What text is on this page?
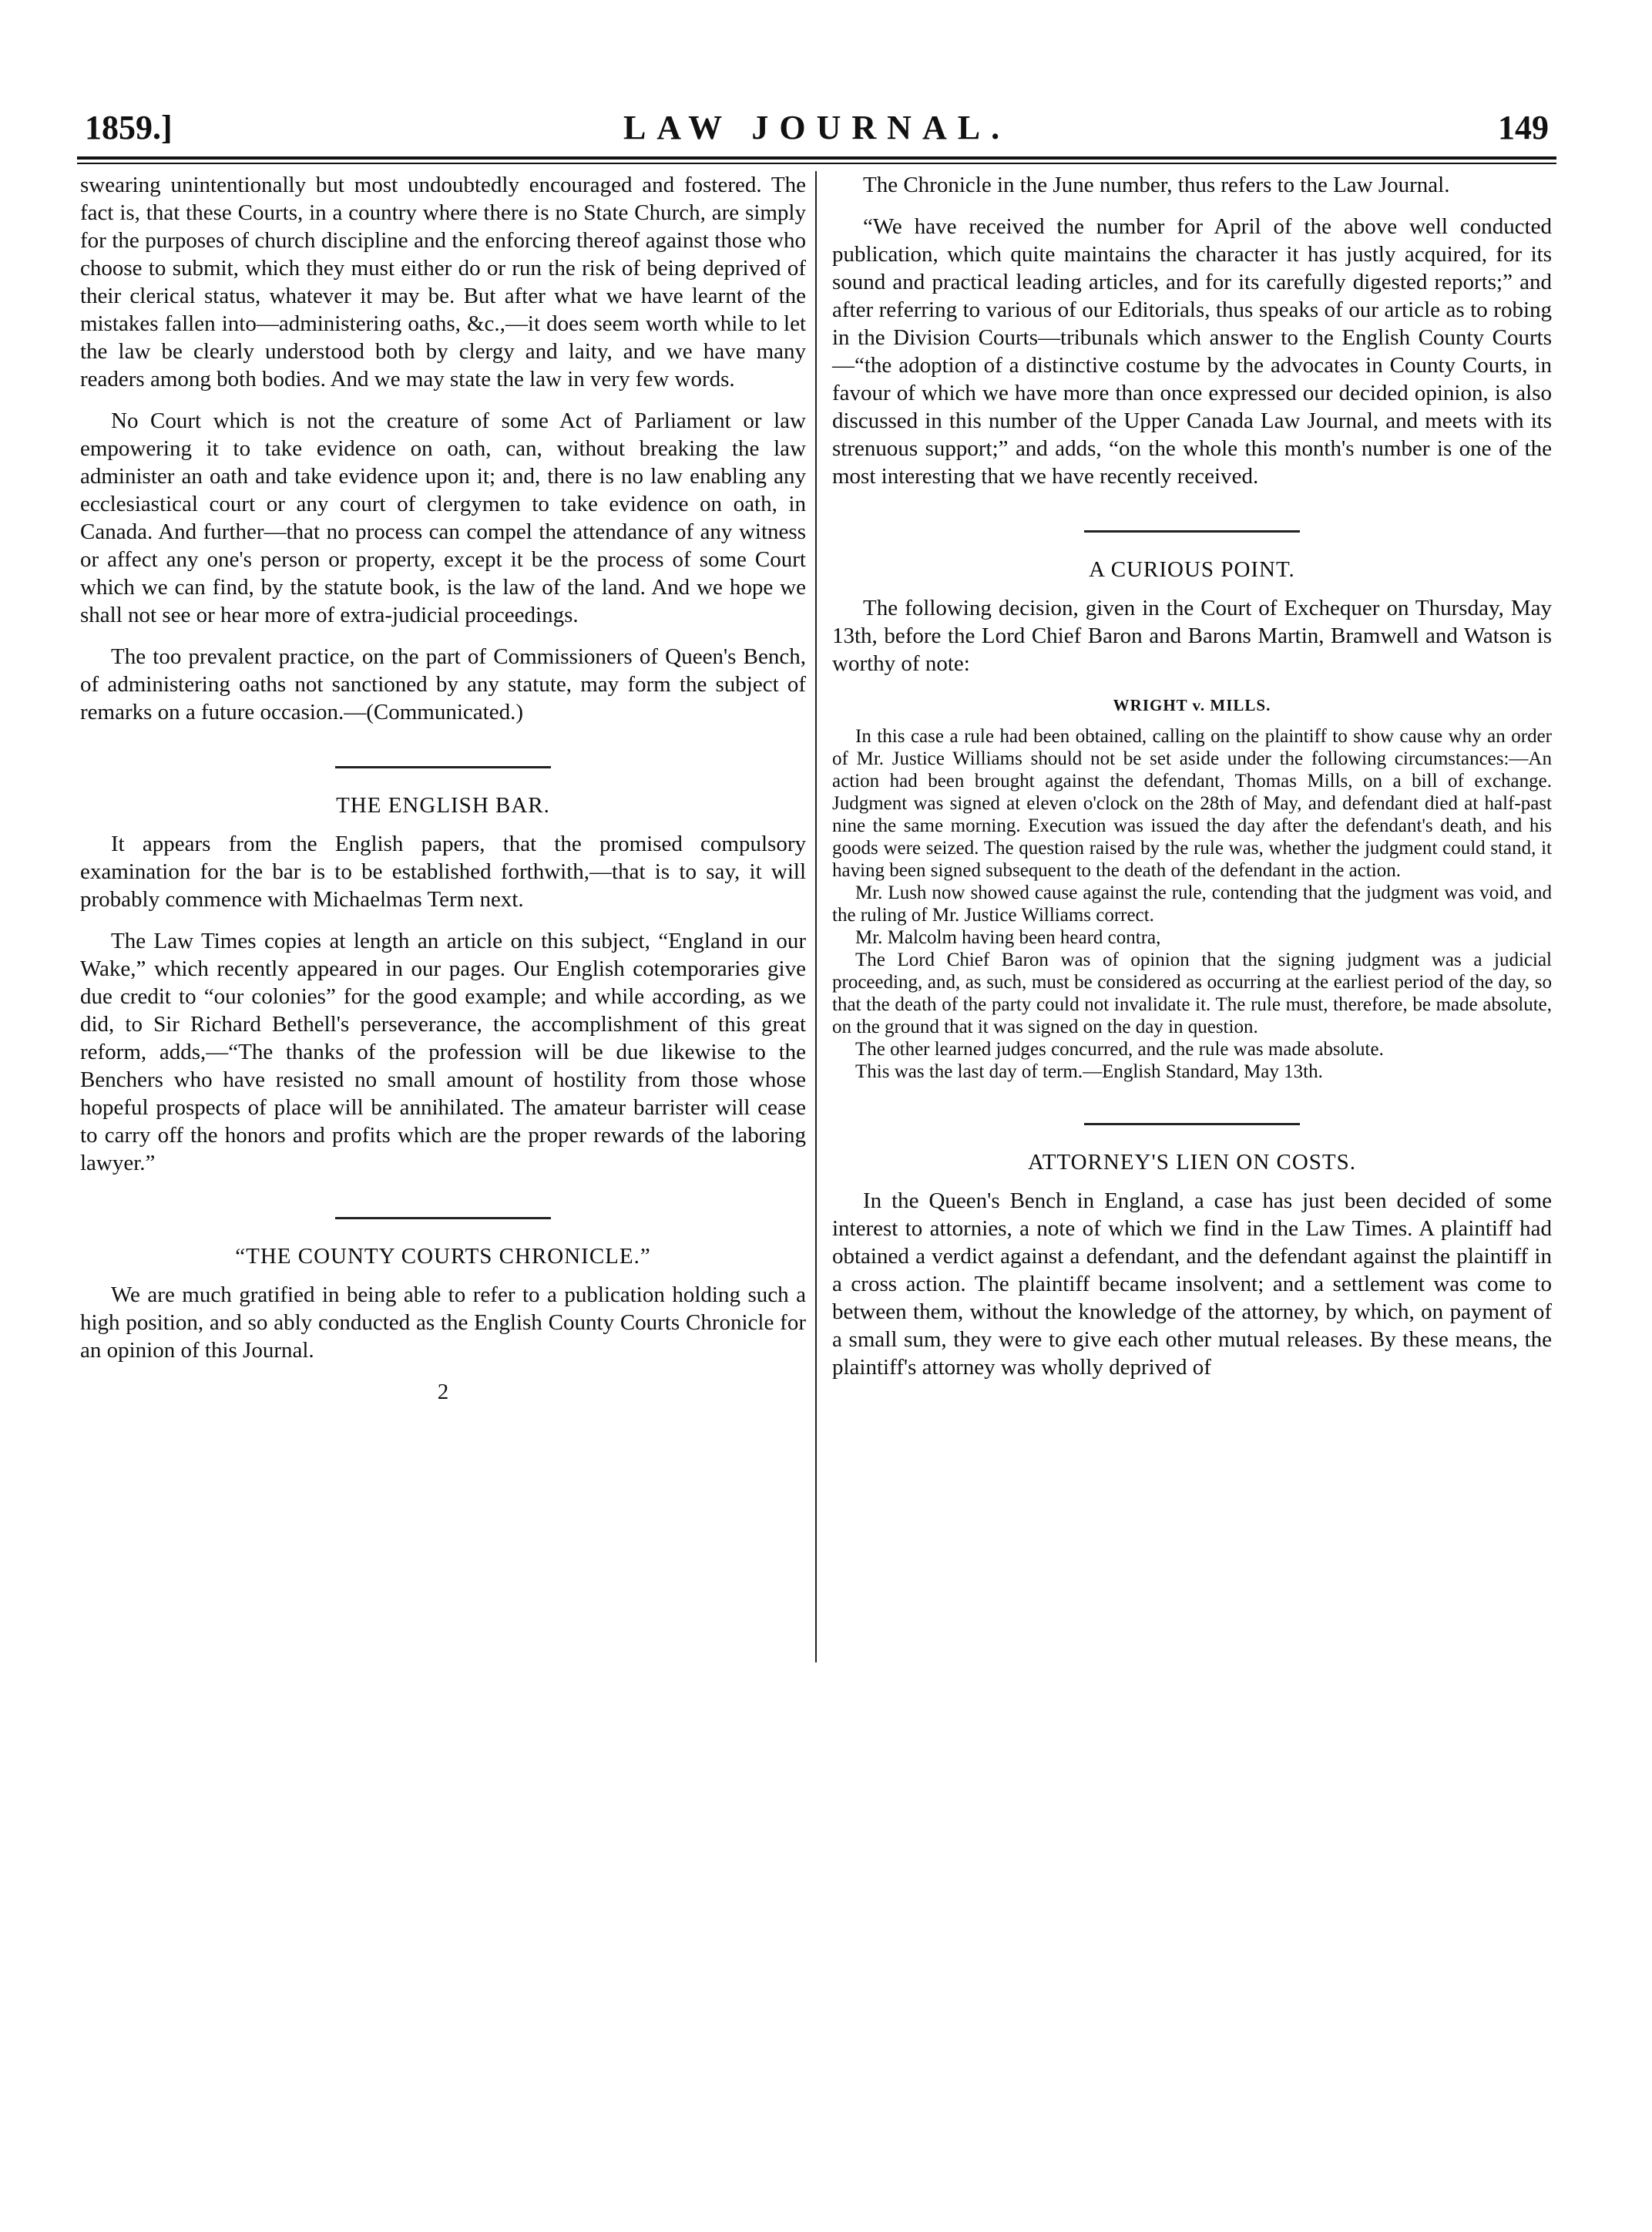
1859.]	LAW JOURNAL.	149

swearing unintentionally but most undoubtedly encouraged and fostered. The fact is, that these Courts, in a country where there is no State Church, are simply for the purposes of church discipline and the enforcing thereof against those who choose to submit, which they must either do or run the risk of being deprived of their clerical status, whatever it may be. But after what we have learnt of the mistakes fallen into—administering oaths, &c.,—it does seem worth while to let the law be clearly understood both by clergy and laity, and we have many readers among both bodies. And we may state the law in very few words.

No Court which is not the creature of some Act of Parliament or law empowering it to take evidence on oath, can, without breaking the law administer an oath and take evidence upon it; and, there is no law enabling any ecclesiastical court or any court of clergymen to take evidence on oath, in Canada. And further—that no process can compel the attendance of any witness or affect any one's person or property, except it be the process of some Court which we can find, by the statute book, is the law of the land. And we hope we shall not see or hear more of extra-judicial proceedings.

The too prevalent practice, on the part of Commissioners of Queen's Bench, of administering oaths not sanctioned by any statute, may form the subject of remarks on a future occasion.—(Communicated.)

THE ENGLISH BAR.

It appears from the English papers, that the promised compulsory examination for the bar is to be established forthwith,—that is to say, it will probably commence with Michaelmas Term next.

The Law Times copies at length an article on this subject, “England in our Wake,” which recently appeared in our pages. Our English cotemporaries give due credit to “our colonies” for the good example; and while according, as we did, to Sir Richard Bethell's perseverance, the accomplishment of this great reform, adds,—“The thanks of the profession will be due likewise to the Benchers who have resisted no small amount of hostility from those whose hopeful prospects of place will be annihilated. The amateur barrister will cease to carry off the honors and profits which are the proper rewards of the laboring lawyer.”

“THE COUNTY COURTS CHRONICLE.”

We are much gratified in being able to refer to a publication holding such a high position, and so ably conducted as the English County Courts Chronicle for an opinion of this Journal.

2

The Chronicle in the June number, thus refers to the Law Journal.

“We have received the number for April of the above well conducted publication, which quite maintains the character it has justly acquired, for its sound and practical leading articles, and for its carefully digested reports;” and after referring to various of our Editorials, thus speaks of our article as to robing in the Division Courts—tribunals which answer to the English County Courts—“the adoption of a distinctive costume by the advocates in County Courts, in favour of which we have more than once expressed our decided opinion, is also discussed in this number of the Upper Canada Law Journal, and meets with its strenuous support;” and adds, “on the whole this month's number is one of the most interesting that we have recently received.

A CURIOUS POINT.

The following decision, given in the Court of Exchequer on Thursday, May 13th, before the Lord Chief Baron and Barons Martin, Bramwell and Watson is worthy of note:

WRIGHT v. MILLS.

In this case a rule had been obtained, calling on the plaintiff to show cause why an order of Mr. Justice Williams should not be set aside under the following circumstances:—An action had been brought against the defendant, Thomas Mills, on a bill of exchange. Judgment was signed at eleven o'clock on the 28th of May, and defendant died at half-past nine the same morning. Execution was issued the day after the defendant's death, and his goods were seized. The question raised by the rule was, whether the judgment could stand, it having been signed subsequent to the death of the defendant in the action.

Mr. Lush now showed cause against the rule, contending that the judgment was void, and the ruling of Mr. Justice Williams correct.

Mr. Malcolm having been heard contra,

The Lord Chief Baron was of opinion that the signing judgment was a judicial proceeding, and, as such, must be considered as occurring at the earliest period of the day, so that the death of the party could not invalidate it. The rule must, therefore, be made absolute, on the ground that it was signed on the day in question.

The other learned judges concurred, and the rule was made absolute.

This was the last day of term.—English Standard, May 13th.

ATTORNEY'S LIEN ON COSTS.

In the Queen's Bench in England, a case has just been decided of some interest to attornies, a note of which we find in the Law Times. A plaintiff had obtained a verdict against a defendant, and the defendant against the plaintiff in a cross action. The plaintiff became insolvent; and a settlement was come to between them, without the knowledge of the attorney, by which, on payment of a small sum, they were to give each other mutual releases. By these means, the plaintiff's attorney was wholly deprived of
